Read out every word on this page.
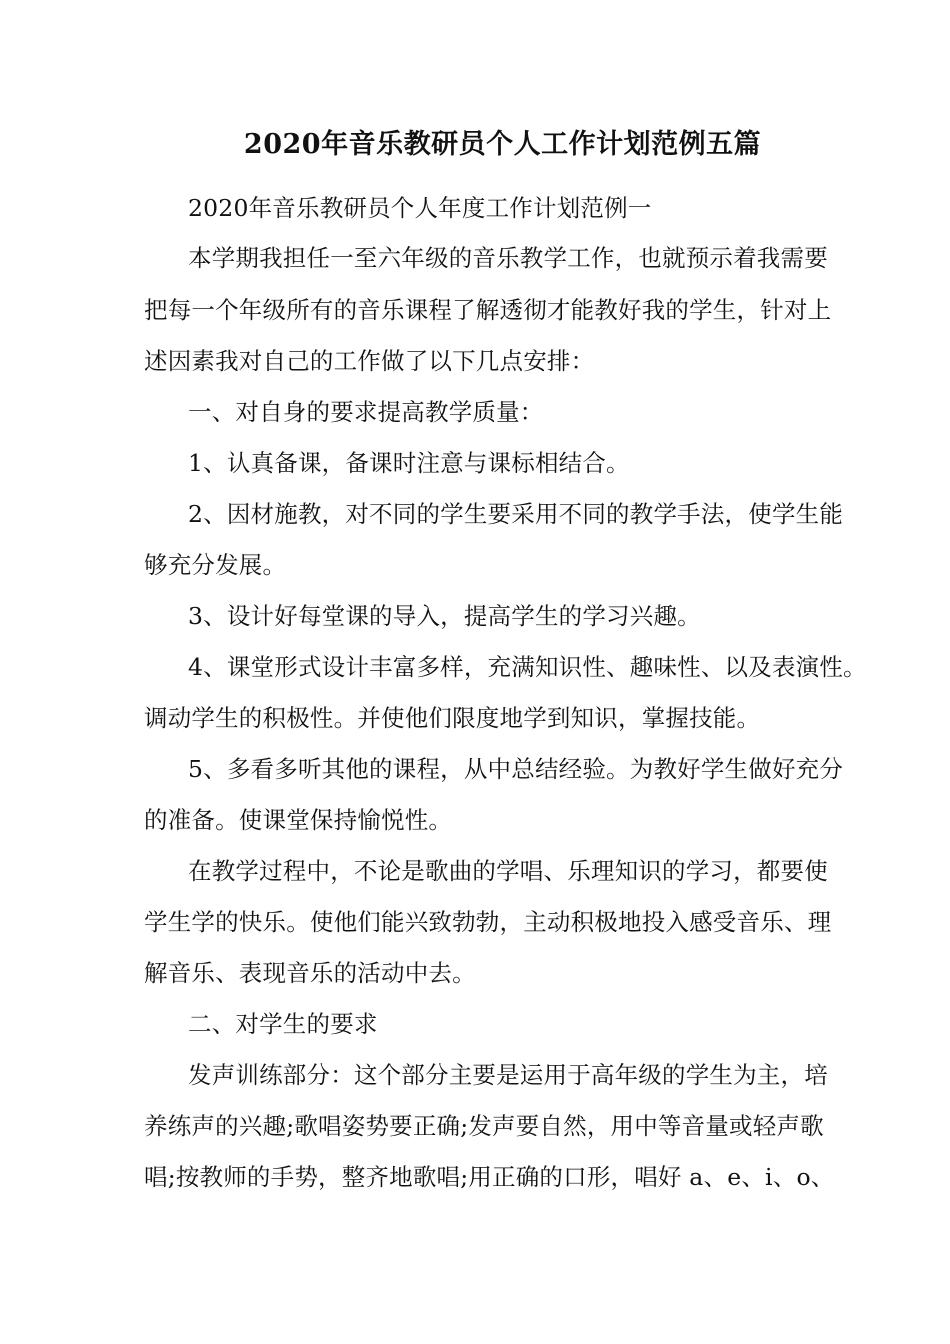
2020年音乐教研员个人工作计划范例五篇
2020年音乐教研员个人年度工作计划范例一
本学期我担任一至六年级的音乐教学工作，也就预示着我需要
把每一个年级所有的音乐课程了解透彻才能教好我的学生，针对上
述因素我对自己的工作做了以下几点安排：
一、对自身的要求提高教学质量：
1、认真备课，备课时注意与课标相结合。
2、因材施教，对不同的学生要采用不同的教学手法，使学生能
够充分发展。
3、设计好每堂课的导入，提高学生的学习兴趣。
4、课堂形式设计丰富多样，充满知识性、趣味性、以及表演性。
调动学生的积极性。并使他们限度地学到知识，掌握技能。
5、多看多听其他的课程，从中总结经验。为教好学生做好充分
的准备。使课堂保持愉悦性。
在教学过程中，不论是歌曲的学唱、乐理知识的学习，都要使
学生学的快乐。使他们能兴致勃勃，主动积极地投入感受音乐、理
解音乐、表现音乐的活动中去。
二、对学生的要求
发声训练部分：这个部分主要是运用于高年级的学生为主，培
养练声的兴趣;歌唱姿势要正确;发声要自然，用中等音量或轻声歌
唱;按教师的手势，整齐地歌唱;用正确的口形，唱好 a、e、i、o、
